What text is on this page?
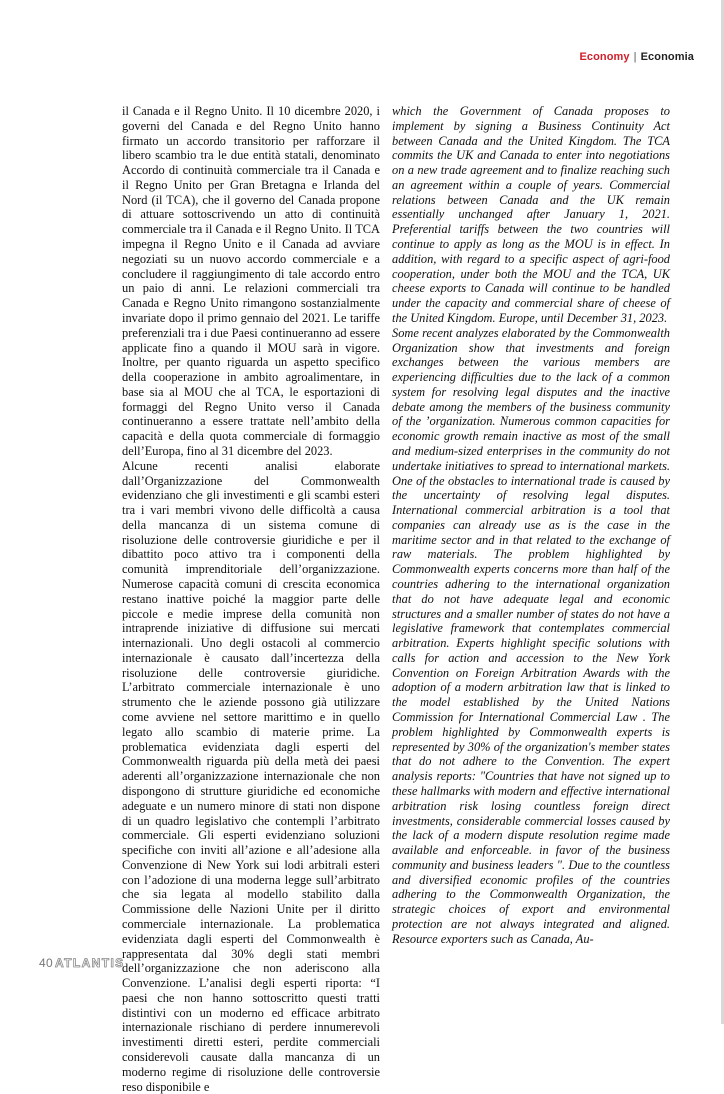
Economy | Economia

il Canada e il Regno Unito. Il 10 dicembre 2020, i governi del Canada e del Regno Unito hanno firmato un accordo transitorio per rafforzare il libero scambio tra le due entità statali, denominato Accordo di continuità commerciale tra il Canada e il Regno Unito per Gran Bretagna e Irlanda del Nord (il TCA), che il governo del Canada propone di attuare sottoscrivendo un atto di continuità commerciale tra il Canada e il Regno Unito. Il TCA impegna il Regno Unito e il Canada ad avviare negoziati su un nuovo accordo commerciale e a concludere il raggiungimento di tale accordo entro un paio di anni. Le relazioni commerciali tra Canada e Regno Unito rimangono sostanzialmente invariate dopo il primo gennaio del 2021. Le tariffe preferenziali tra i due Paesi continueranno ad essere applicate fino a quando il MOU sarà in vigore. Inoltre, per quanto riguarda un aspetto specifico della cooperazione in ambito agroalimentare, in base sia al MOU che al TCA, le esportazioni di formaggi del Regno Unito verso il Canada continueranno a essere trattate nell’ambito della capacità e della quota commerciale di formaggio dell’Europa, fino al 31 dicembre del 2023.

Alcune recenti analisi elaborate dall’Organizzazione del Commonwealth evidenziano che gli investimenti e gli scambi esteri tra i vari membri vivono delle difficoltà a causa della mancanza di un sistema comune di risoluzione delle controversie giuridiche e per il dibattito poco attivo tra i componenti della comunità imprenditoriale dell’organizzazione. Numerose capacità comuni di crescita economica restano inattive poiché la maggior parte delle piccole e medie imprese della comunità non intraprende iniziative di diffusione sui mercati internazionali. Uno degli ostacoli al commercio internazionale è causato dall’incertezza della risoluzione delle controversie giuridiche. L’arbitrato commerciale internazionale è uno strumento che le aziende possono già utilizzare come avviene nel settore marittimo e in quello legato allo scambio di materie prime. La problematica evidenziata dagli esperti del Commonwealth riguarda più della metà dei paesi aderenti all’organizzazione internazionale che non dispongono di strutture giuridiche ed economiche adeguate e un numero minore di stati non dispone di un quadro legislativo che contempli l’arbitrato commerciale. Gli esperti evidenziano soluzioni specifiche con inviti all’azione e all’adesione alla Convenzione di New York sui lodi arbitrali esteri con l’adozione di una moderna legge sull’arbitrato che sia legata al modello stabilito dalla Commissione delle Nazioni Unite per il diritto commerciale internazionale. La problematica evidenziata dagli esperti del Commonwealth è rappresentata dal 30% degli stati membri dell’organizzazione che non aderiscono alla Convenzione. L’analisi degli esperti riporta: “I paesi che non hanno sottoscritto questi tratti distintivi con un moderno ed efficace arbitrato internazionale rischiano di perdere innumerevoli investimenti diretti esteri, perdite commerciali considerevoli causate dalla mancanza di un moderno regime di risoluzione delle controversie reso disponibile e

which the Government of Canada proposes to implement by signing a Business Continuity Act between Canada and the United Kingdom. The TCA commits the UK and Canada to enter into negotiations on a new trade agreement and to finalize reaching such an agreement within a couple of years. Commercial relations between Canada and the UK remain essentially unchanged after January 1, 2021. Preferential tariffs between the two countries will continue to apply as long as the MOU is in effect. In addition, with regard to a specific aspect of agri-food cooperation, under both the MOU and the TCA, UK cheese exports to Canada will continue to be handled under the capacity and commercial share of cheese of the United Kingdom. Europe, until December 31, 2023.

Some recent analyzes elaborated by the Commonwealth Organization show that investments and foreign exchanges between the various members are experiencing difficulties due to the lack of a common system for resolving legal disputes and the inactive debate among the members of the business community of the ’organization. Numerous common capacities for economic growth remain inactive as most of the small and medium-sized enterprises in the community do not undertake initiatives to spread to international markets. One of the obstacles to international trade is caused by the uncertainty of resolving legal disputes. International commercial arbitration is a tool that companies can already use as is the case in the maritime sector and in that related to the exchange of raw materials. The problem highlighted by Commonwealth experts concerns more than half of the countries adhering to the international organization that do not have adequate legal and economic structures and a smaller number of states do not have a legislative framework that contemplates commercial arbitration. Experts highlight specific solutions with calls for action and accession to the New York Convention on Foreign Arbitration Awards with the adoption of a modern arbitration law that is linked to the model established by the United Nations Commission for International Commercial Law . The problem highlighted by Commonwealth experts is represented by 30% of the organization's member states that do not adhere to the Convention. The expert analysis reports: "Countries that have not signed up to these hallmarks with modern and effective international arbitration risk losing countless foreign direct investments, considerable commercial losses caused by the lack of a modern dispute resolution regime made available and enforceable. in favor of the business community and business leaders ". Due to the countless and diversified economic profiles of the countries adhering to the Commonwealth Organization, the strategic choices of export and environmental protection are not always integrated and aligned. Resource exporters such as Canada, Au-

40 ATLANTIS
